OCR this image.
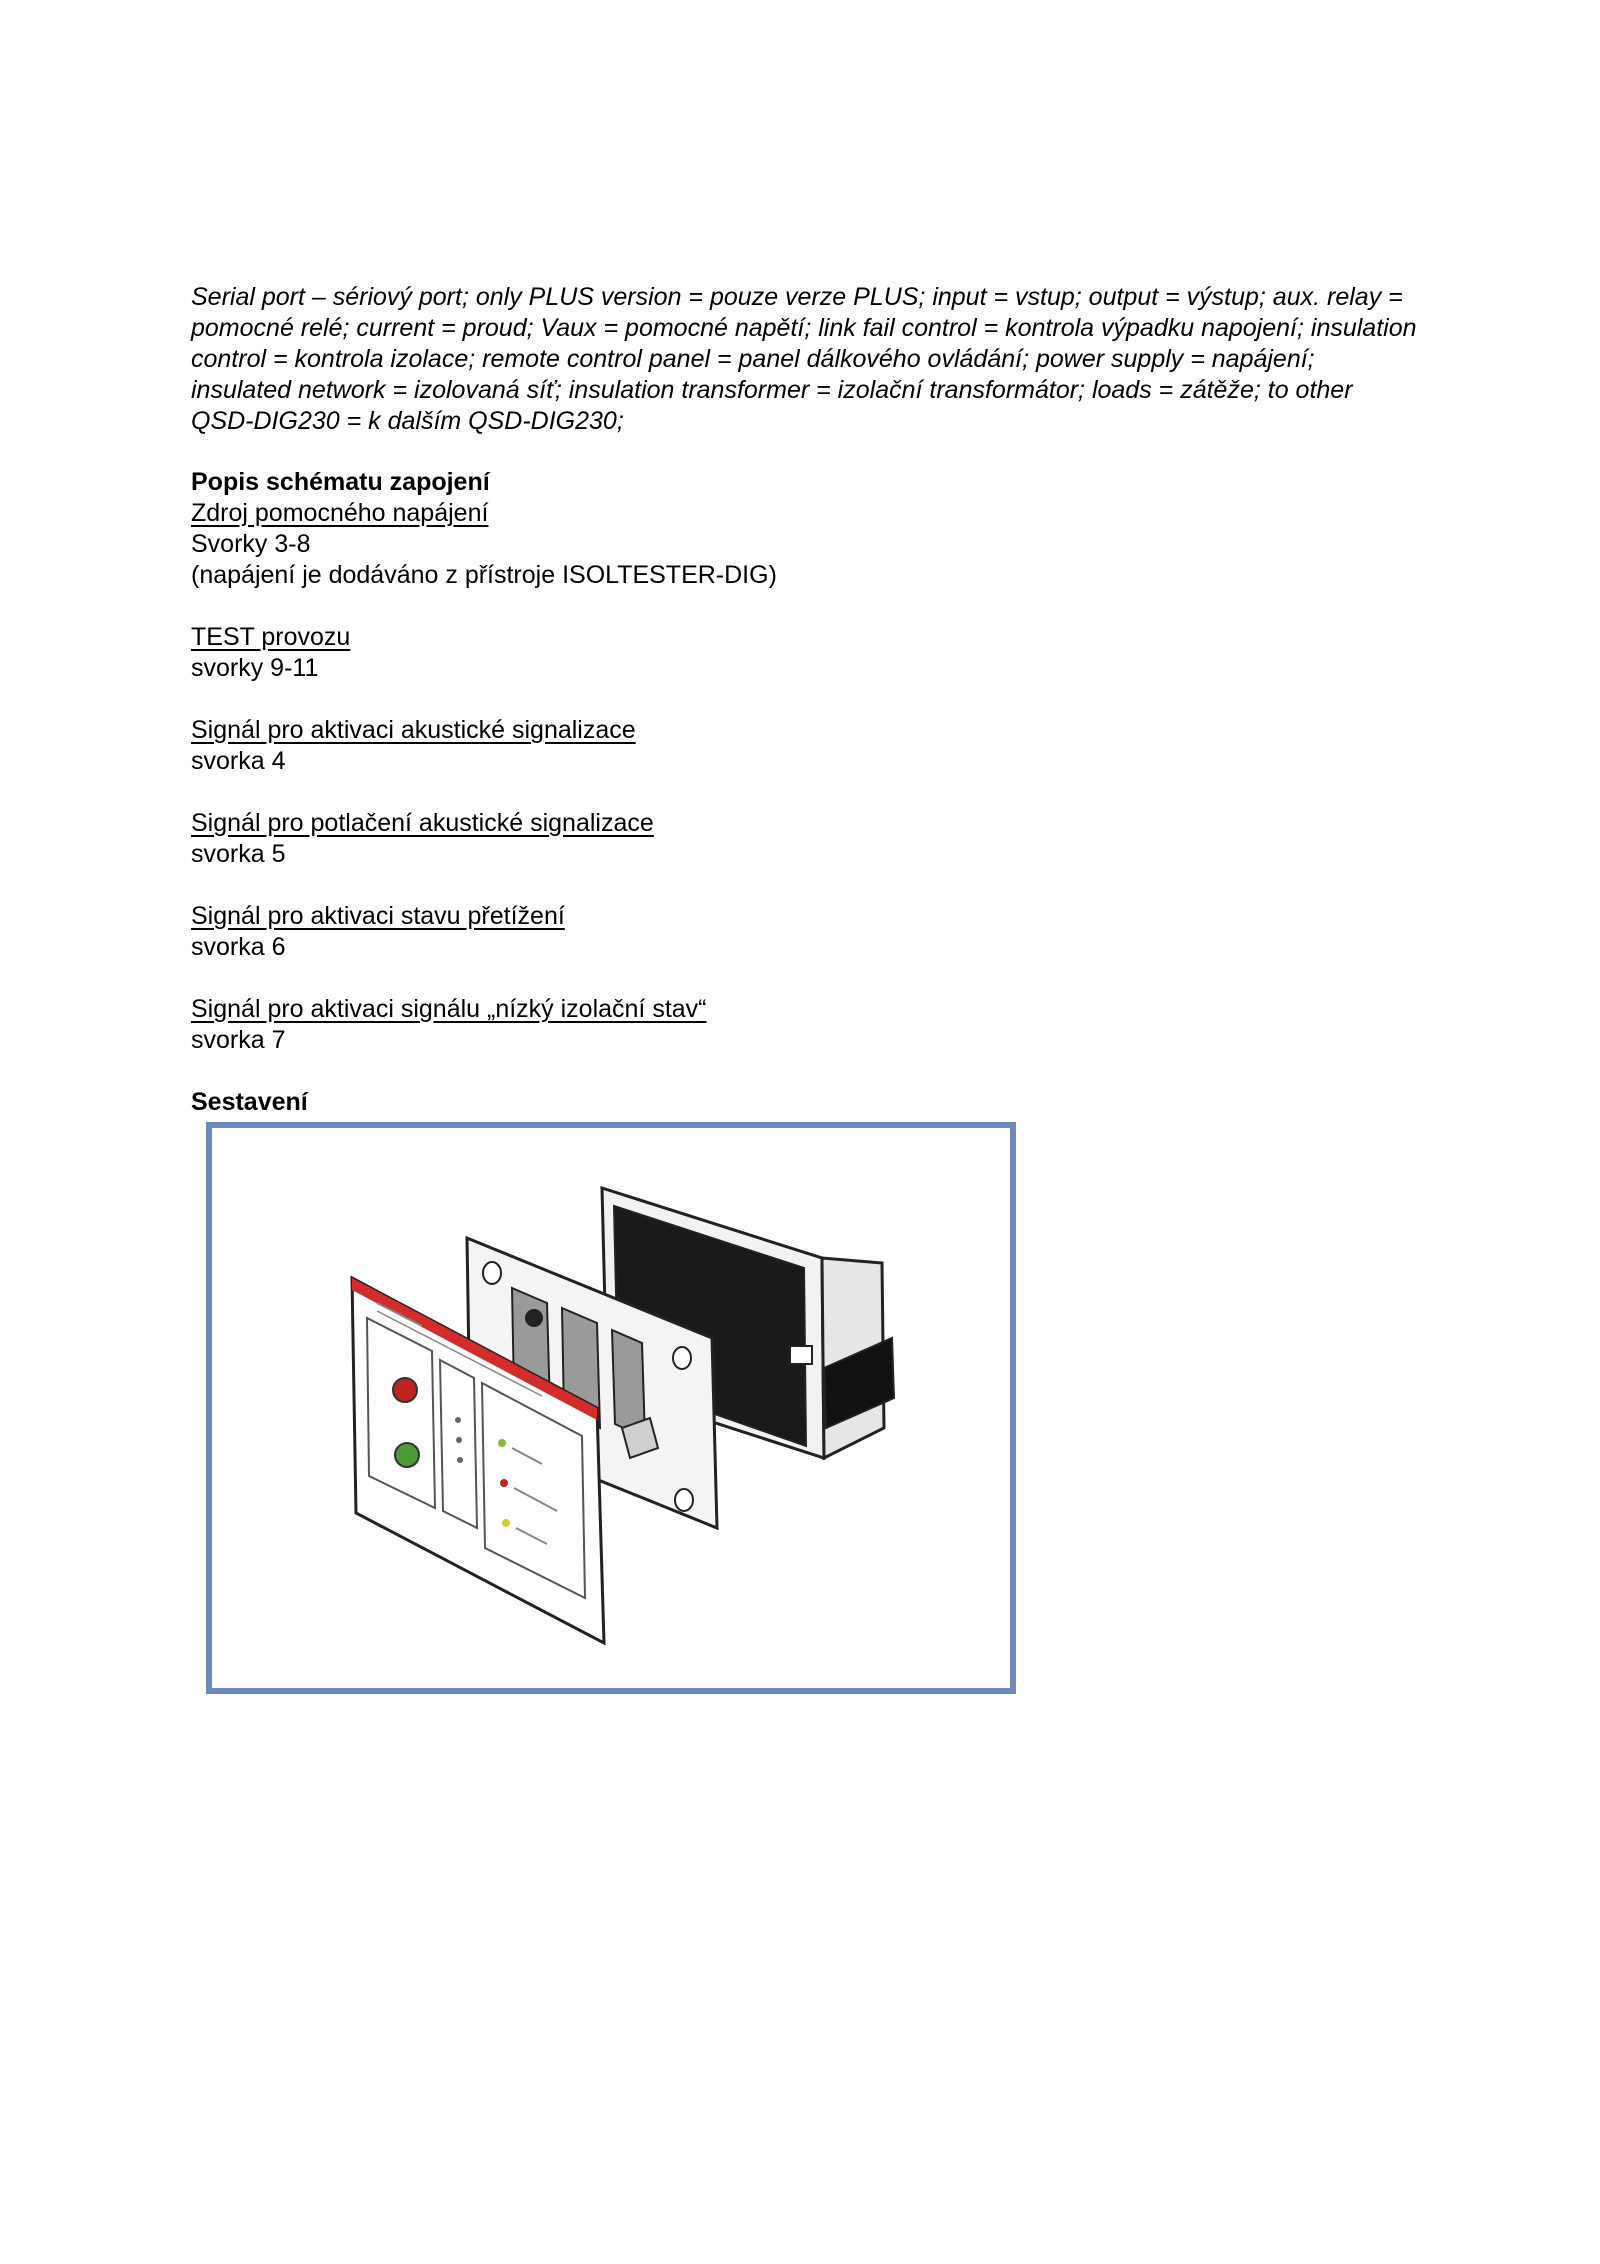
Serial port – sériový port; only PLUS version = pouze verze PLUS; input = vstup; output = výstup; aux. relay = pomocné relé; current = proud; Vaux = pomocné napětí; link fail control = kontrola výpadku napojení; insulation control = kontrola izolace; remote control panel = panel dálkového ovládání; power supply = napájení; insulated network = izolovaná síť; insulation transformer = izolační transformátor; loads = zátěže; to other QSD-DIG230 = k dalším QSD-DIG230;

Popis schématu zapojení
Zdroj pomocného napájení
Svorky 3-8
(napájení je dodáváno z přístroje ISOLTESTER-DIG)
TEST provozu
svorky 9-11
Signál pro aktivaci akustické signalizace
svorka 4
Signál pro potlačení akustické signalizace
svorka 5
Signál pro aktivaci stavu přetížení
svorka 6
Signál pro aktivaci signálu „nízký izolační stav“
svorka 7
Sestavení
